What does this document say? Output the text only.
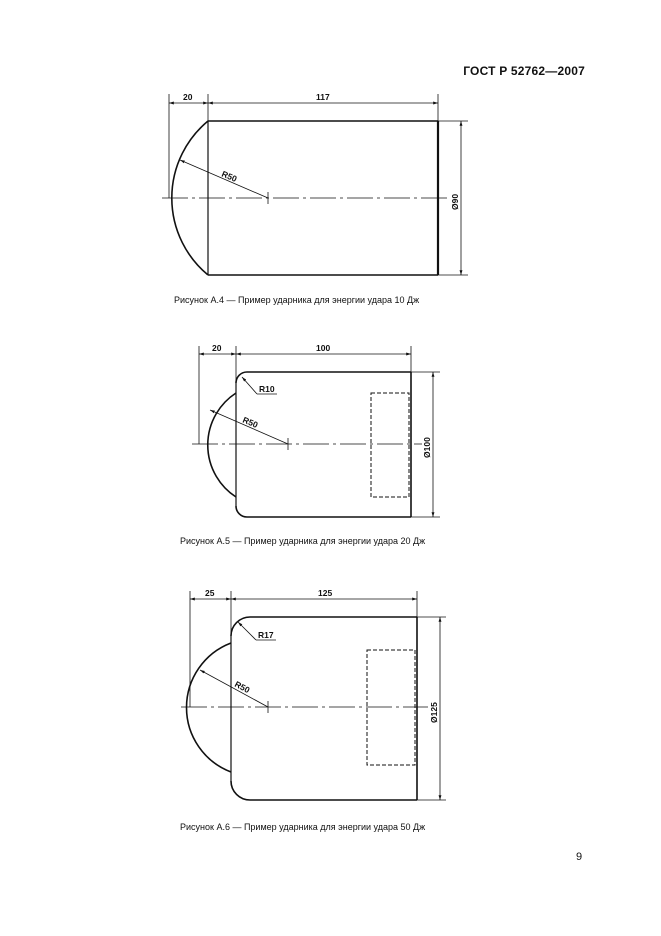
ГОСТ Р 52762—2007
R50
20	117
Ø90
R50
R10
20	100
Ø100
R50
R17
25	125
Ø125
Рисунок А.4 — Пример ударника для энергии удара 10 Дж
Рисунок А.5 — Пример ударника для энергии удара 20 Дж
Рисунок А.6 — Пример ударника для энергии удара 50 Дж
9
